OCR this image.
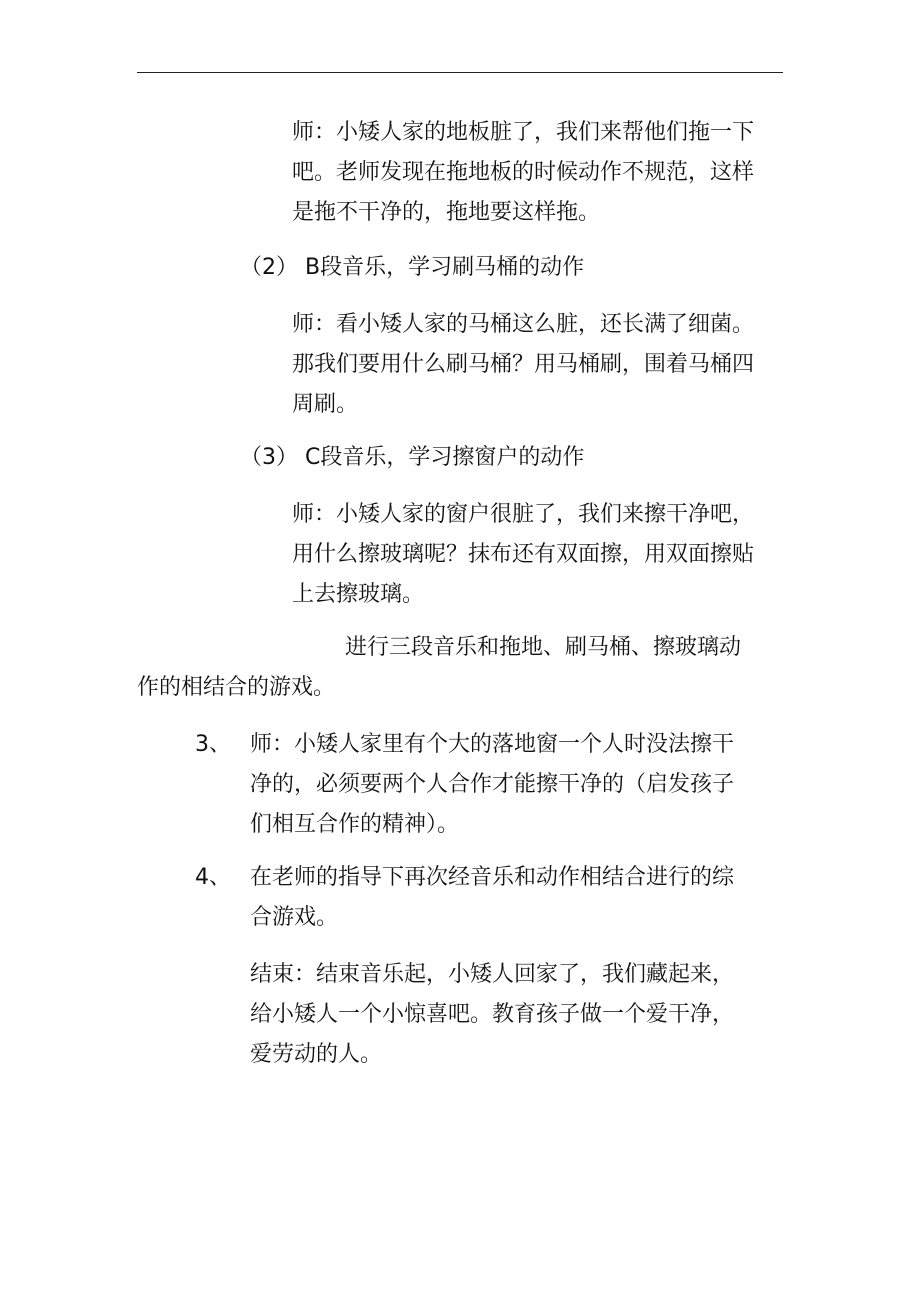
师：小矮人家的地板脏了，我们来帮他们拖一下
吧。老师发现在拖地板的时候动作不规范，这样
是拖不干净的，拖地要这样拖。
（2） B段音乐，学习刷马桶的动作
师：看小矮人家的马桶这么脏，还长满了细菌。
那我们要用什么刷马桶？用马桶刷，围着马桶四
周刷。
（3） C段音乐，学习擦窗户的动作
师：小矮人家的窗户很脏了，我们来擦干净吧，
用什么擦玻璃呢？抹布还有双面擦，用双面擦贴
上去擦玻璃。
进行三段音乐和拖地、刷马桶、擦玻璃动
作的相结合的游戏。
3、 师：小矮人家里有个大的落地窗一个人时没法擦干
净的，必须要两个人合作才能擦干净的（启发孩子
们相互合作的精神）。
4、 在老师的指导下再次经音乐和动作相结合进行的综
合游戏。
结束：结束音乐起，小矮人回家了，我们藏起来，
给小矮人一个小惊喜吧。教育孩子做一个爱干净，
爱劳动的人。
